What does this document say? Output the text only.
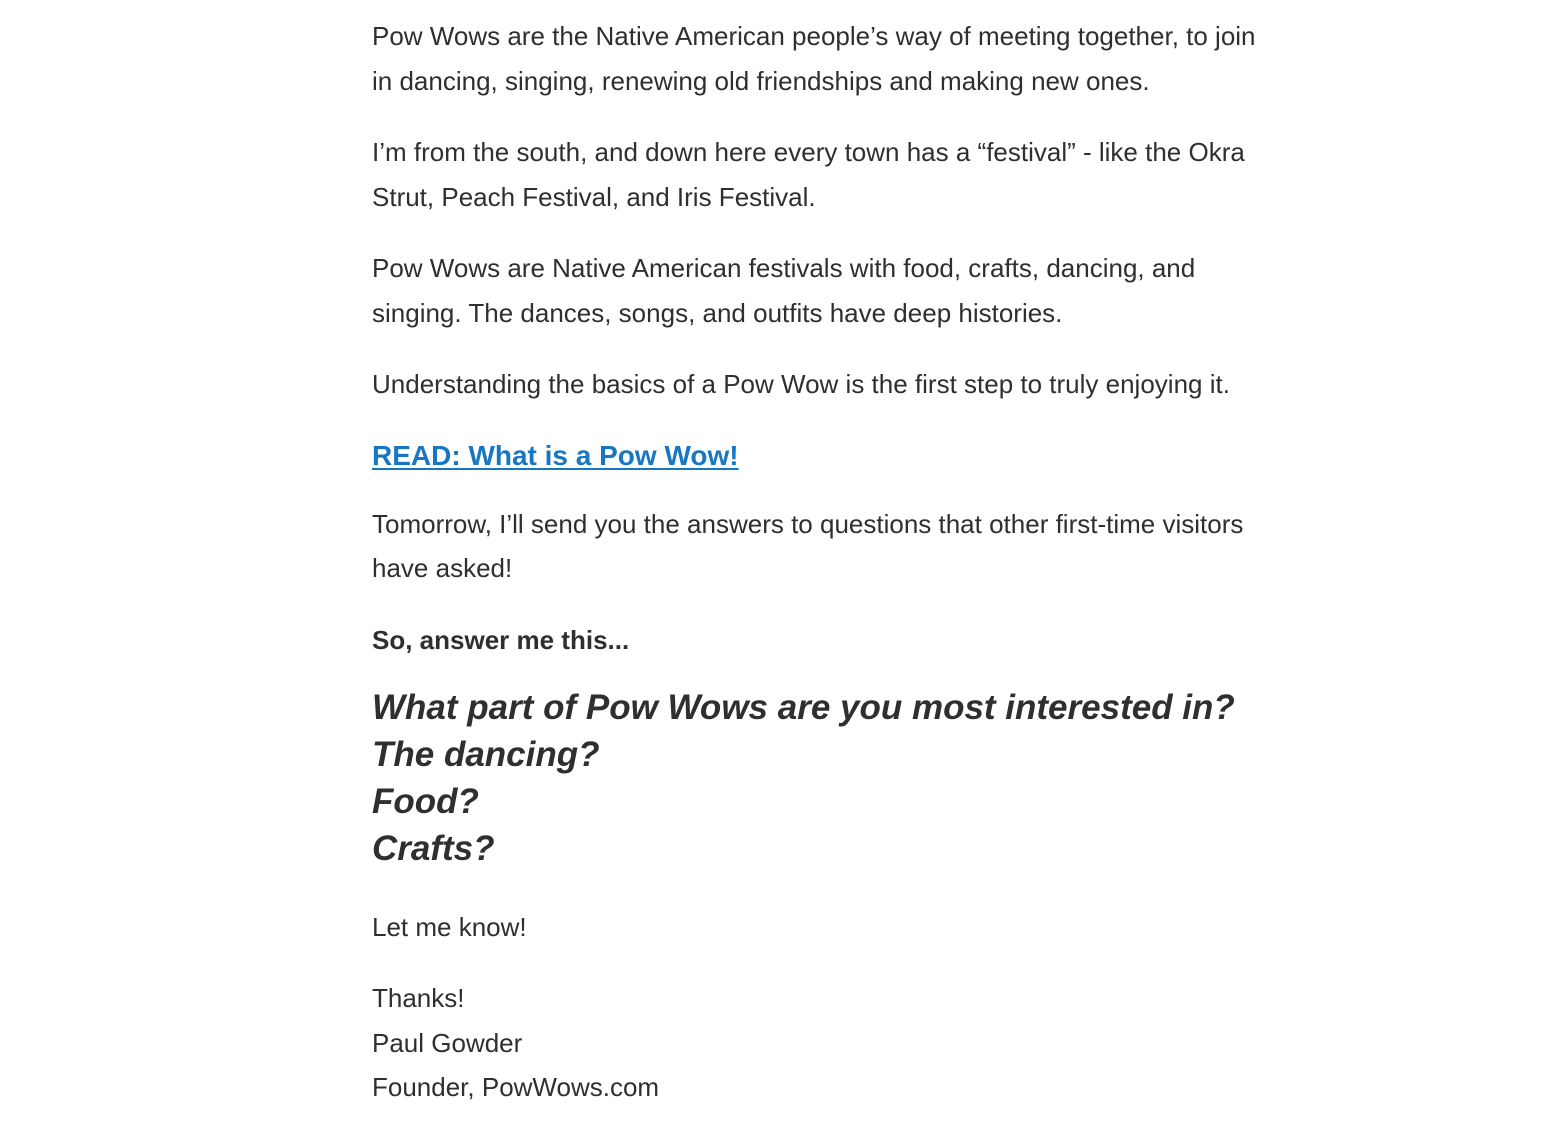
Pow Wows are the Native American people’s way of meeting together, to join in dancing, singing, renewing old friendships and making new ones.

I’m from the south, and down here every town has a “festival” - like the Okra Strut, Peach Festival, and Iris Festival.

Pow Wows are Native American festivals with food, crafts, dancing, and singing. The dances, songs, and outfits have deep histories.

Understanding the basics of a Pow Wow is the first step to truly enjoying it.

READ: What is a Pow Wow!

Tomorrow, I’ll send you the answers to questions that other first-time visitors have asked!

So, answer me this...

What part of Pow Wows are you most interested in?
The dancing?
Food?
Crafts?

Let me know!

Thanks!
Paul Gowder
Founder, PowWows.com
